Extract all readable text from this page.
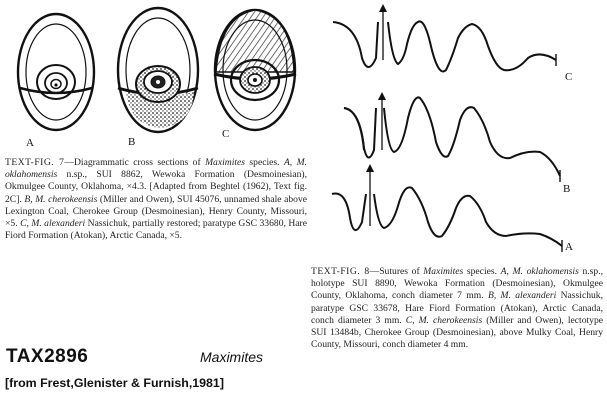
A	B
C
C
B
A
TEXT-FIG. 7—Diagrammatic cross sections of Maximites species. A, M. oklahomensis n.sp., SUI 8862, Wewoka Formation (Desmoinesian), Okmulgee County, Oklahoma, ×4.3. [Adapted from Beghtel (1962), Text fig. 2C]. B, M. cherokeensis (Miller and Owen), SUI 45076, unnamed shale above Lexington Coal, Cherokee Group (Desmoinesian), Henry County, Missouri, ×5. C, M. alexanderi Nassichuk, partially restored; paratype GSC 33680, Hare Fiord Formation (Atokan), Arctic Canada, ×5.
TEXT-FIG. 8—Sutures of Maximites species. A, M. oklahomensis n.sp., holotype SUI 8890, Wewoka Formation (Desmoinesian), Okmulgee County, Oklahoma, conch diameter 7 mm. B, M. alexanderi Nassichuk, paratype GSC 33678, Hare Fiord Formation (Atokan), Arctic Canada, conch diameter 3 mm. C, M. cherokeensis (Miller and Owen), lectotype SUI 13484b, Cherokee Group (Desmoinesian), above Mulky Coal, Henry County, Missouri, conch diameter 4 mm.
TAX2896	Maximites
[from Frest,Glenister & Furnish,1981]
